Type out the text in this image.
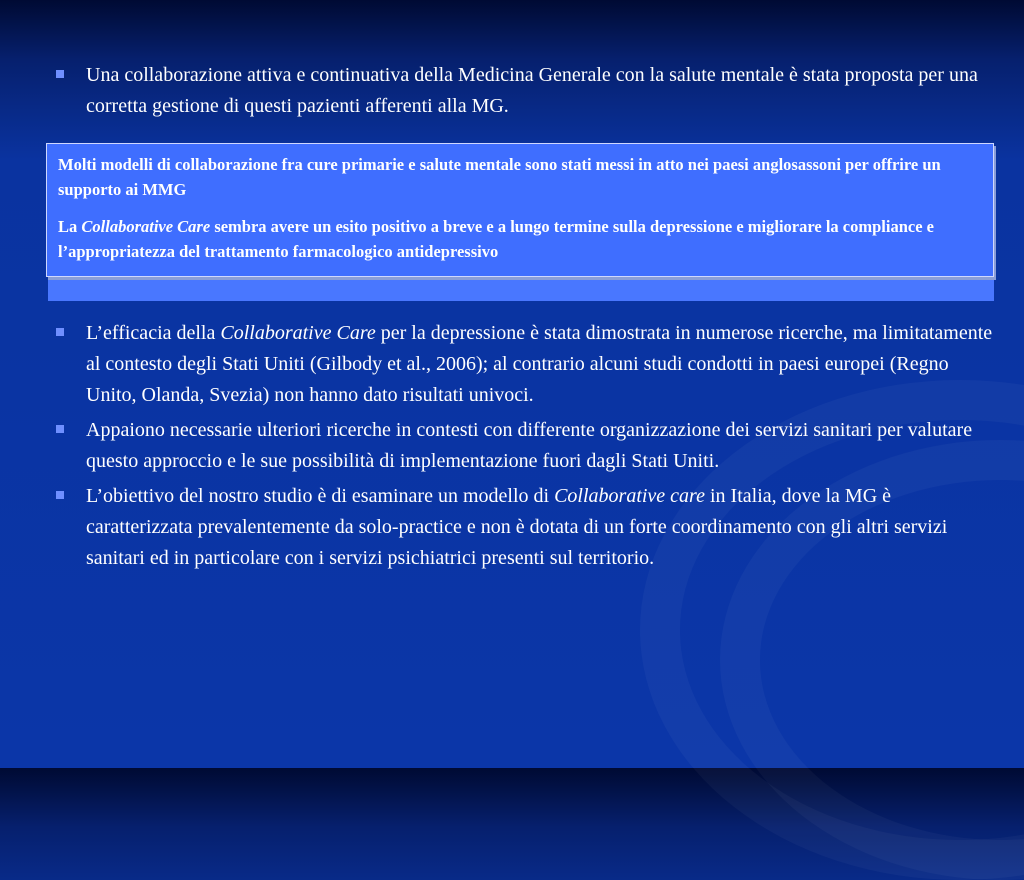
Una collaborazione attiva e continuativa della Medicina Generale con la salute mentale è stata proposta per una corretta gestione di questi pazienti afferenti alla MG.

Molti modelli di collaborazione fra cure primarie e salute mentale sono stati messi in atto nei paesi anglosassoni per offrire un supporto ai MMG

La Collaborative Care sembra avere un esito positivo a breve e a lungo termine sulla depressione e migliorare la compliance e l’appropriatezza del trattamento farmacologico antidepressivo

L’efficacia della Collaborative Care per la depressione è stata dimostrata in numerose ricerche, ma limitatamente al contesto degli Stati Uniti (Gilbody et al., 2006); al contrario alcuni studi condotti in paesi europei (Regno Unito, Olanda, Svezia) non hanno dato risultati univoci.
Appaiono necessarie ulteriori ricerche in contesti con differente organizzazione dei servizi sanitari per valutare questo approccio e le sue possibilità di implementazione fuori dagli Stati Uniti.
L’obiettivo del nostro studio è di esaminare un modello di Collaborative care in Italia, dove la MG è caratterizzata prevalentemente da solo-practice e non è dotata di un forte coordinamento con gli altri servizi sanitari ed in particolare con i servizi psichiatrici presenti sul territorio.
